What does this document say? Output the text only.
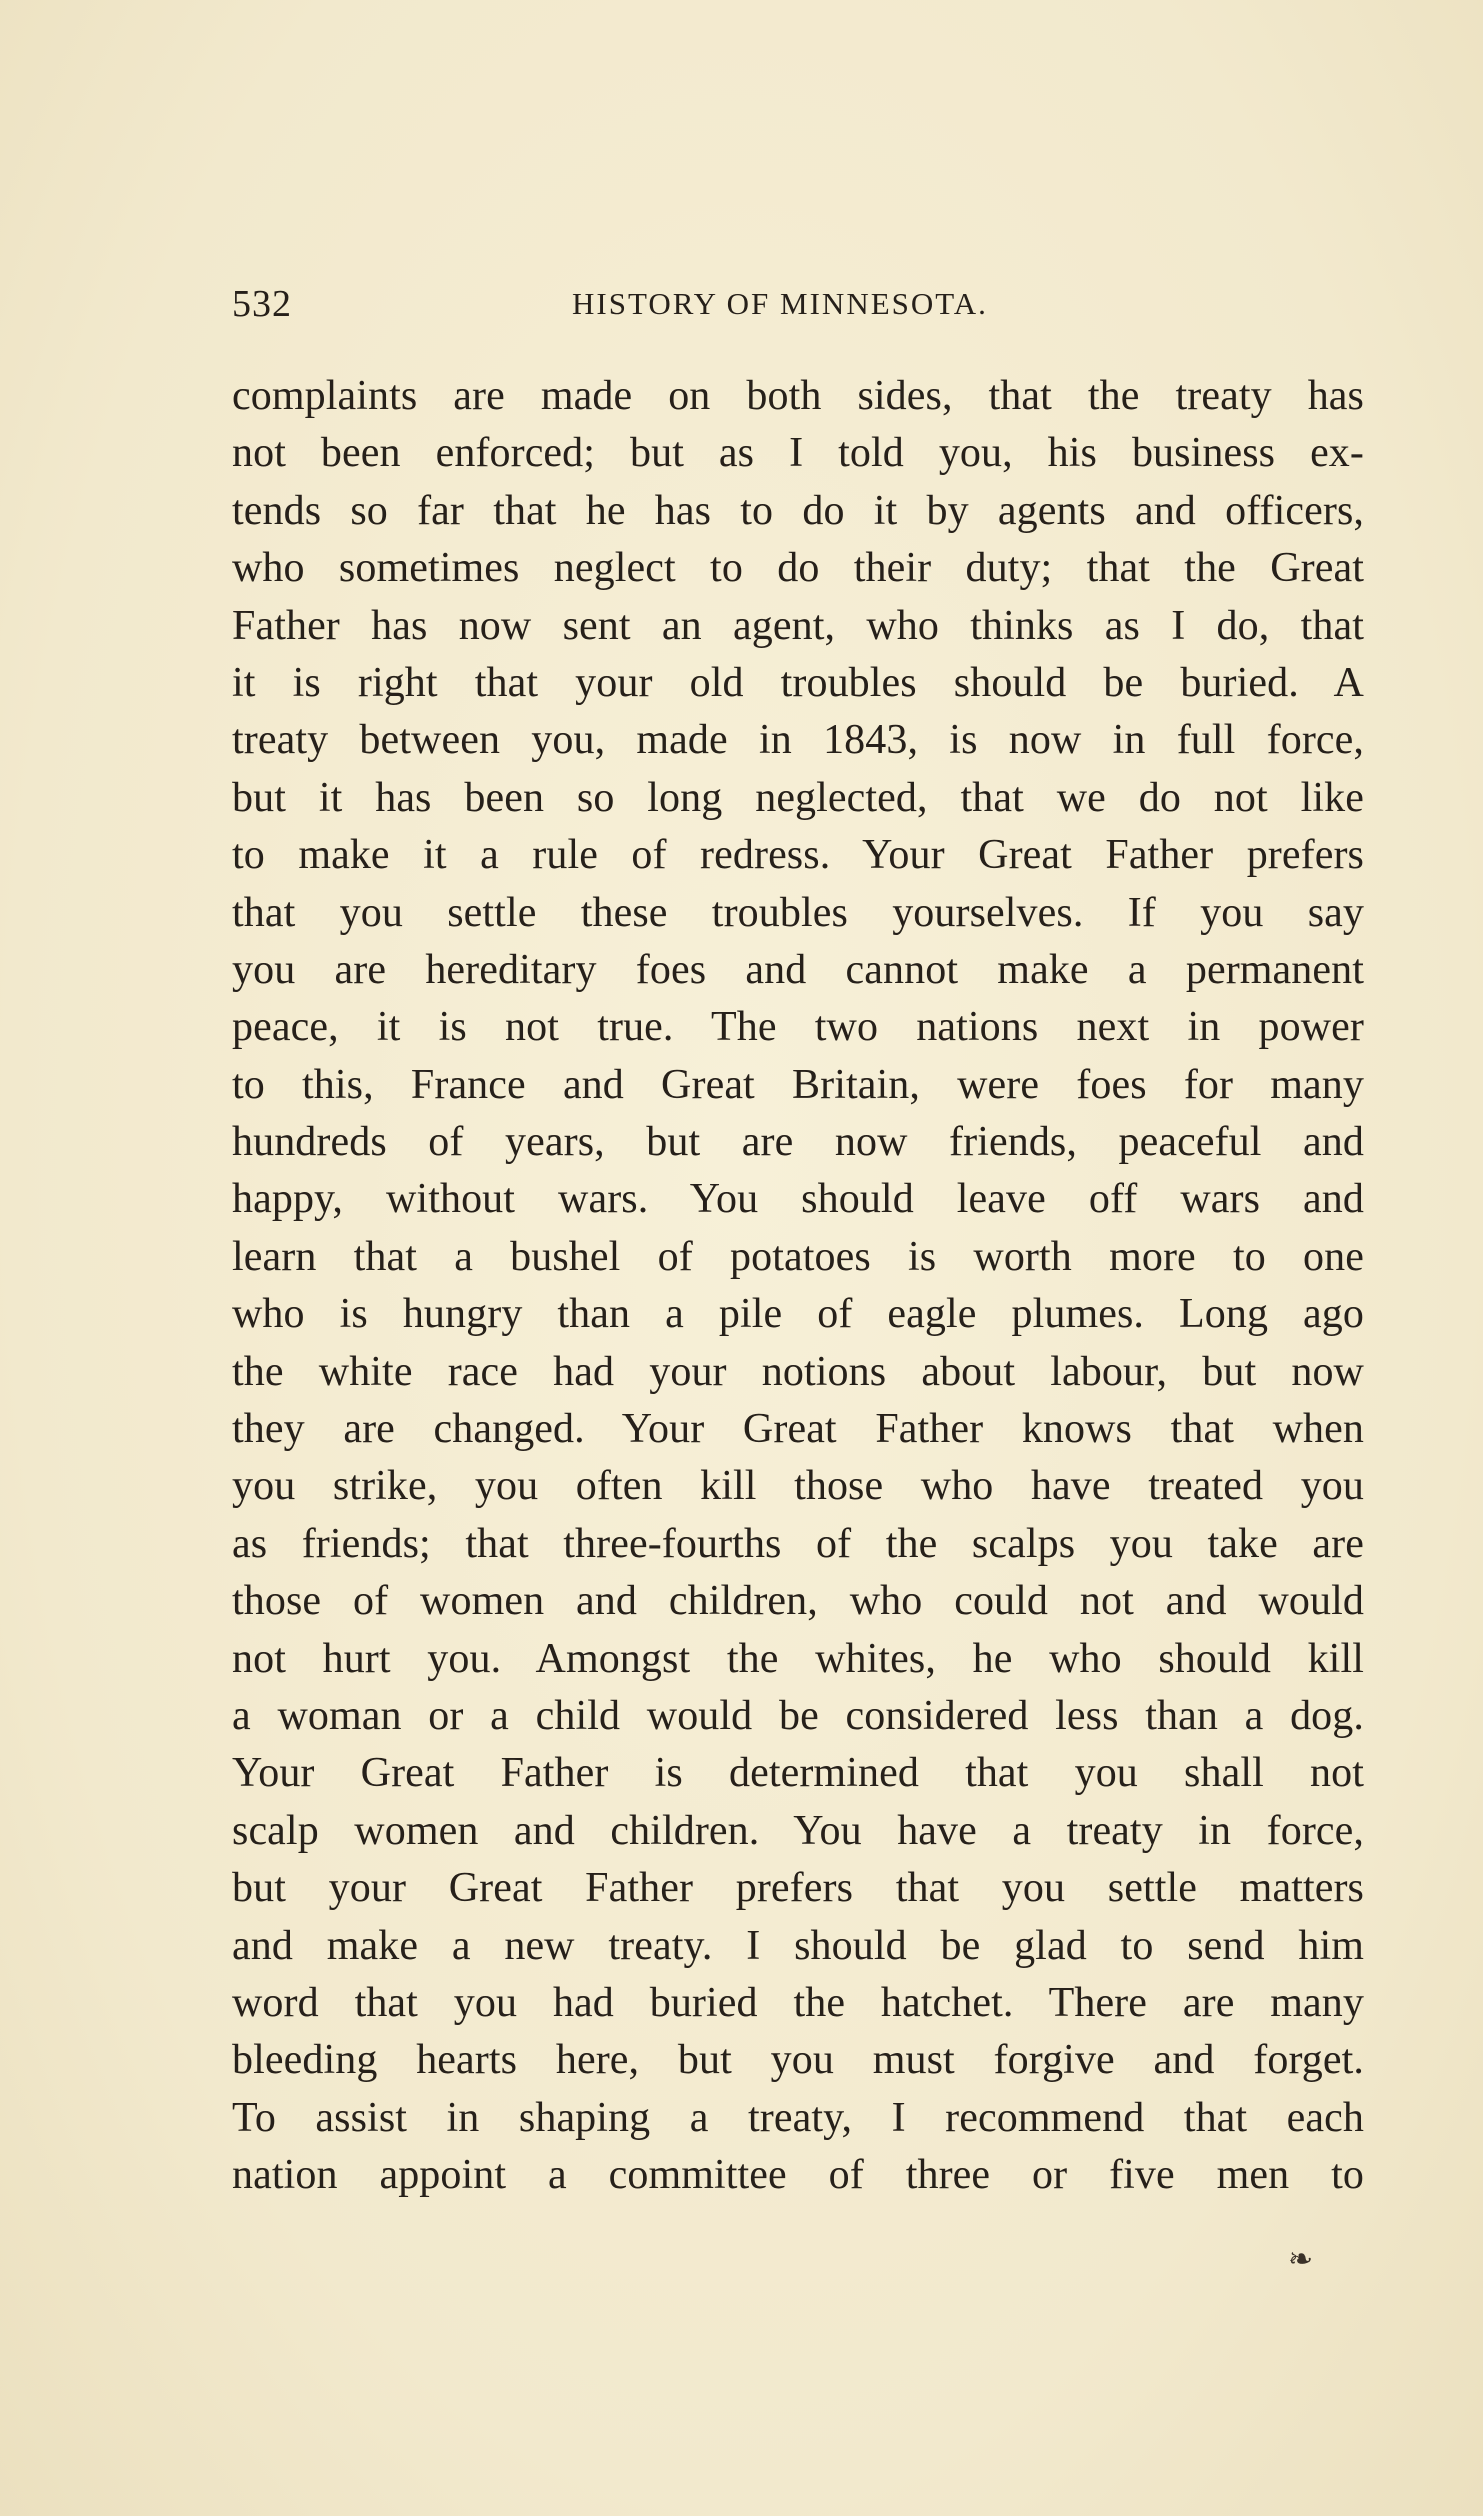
532	HISTORY OF MINNESOTA.
complaints are made on both sides, that the treaty has
not been enforced; but as I told you, his business ex-
tends so far that he has to do it by agents and officers,
who sometimes neglect to do their duty; that the Great
Father has now sent an agent, who thinks as I do, that
it is right that your old troubles should be buried. A
treaty between you, made in 1843, is now in full force,
but it has been so long neglected, that we do not like
to make it a rule of redress. Your Great Father prefers
that you settle these troubles yourselves. If you say
you are hereditary foes and cannot make a permanent
peace, it is not true. The two nations next in power
to this, France and Great Britain, were foes for many
hundreds of years, but are now friends, peaceful and
happy, without wars. You should leave off wars and
learn that a bushel of potatoes is worth more to one
who is hungry than a pile of eagle plumes. Long ago
the white race had your notions about labour, but now
they are changed. Your Great Father knows that when
you strike, you often kill those who have treated you
as friends; that three-fourths of the scalps you take are
those of women and children, who could not and would
not hurt you. Amongst the whites, he who should kill
a woman or a child would be considered less than a dog.
Your Great Father is determined that you shall not
scalp women and children. You have a treaty in force,
but your Great Father prefers that you settle matters
and make a new treaty. I should be glad to send him
word that you had buried the hatchet. There are many
bleeding hearts here, but you must forgive and forget.
To assist in shaping a treaty, I recommend that each
nation appoint a committee of three or five men to
❧
